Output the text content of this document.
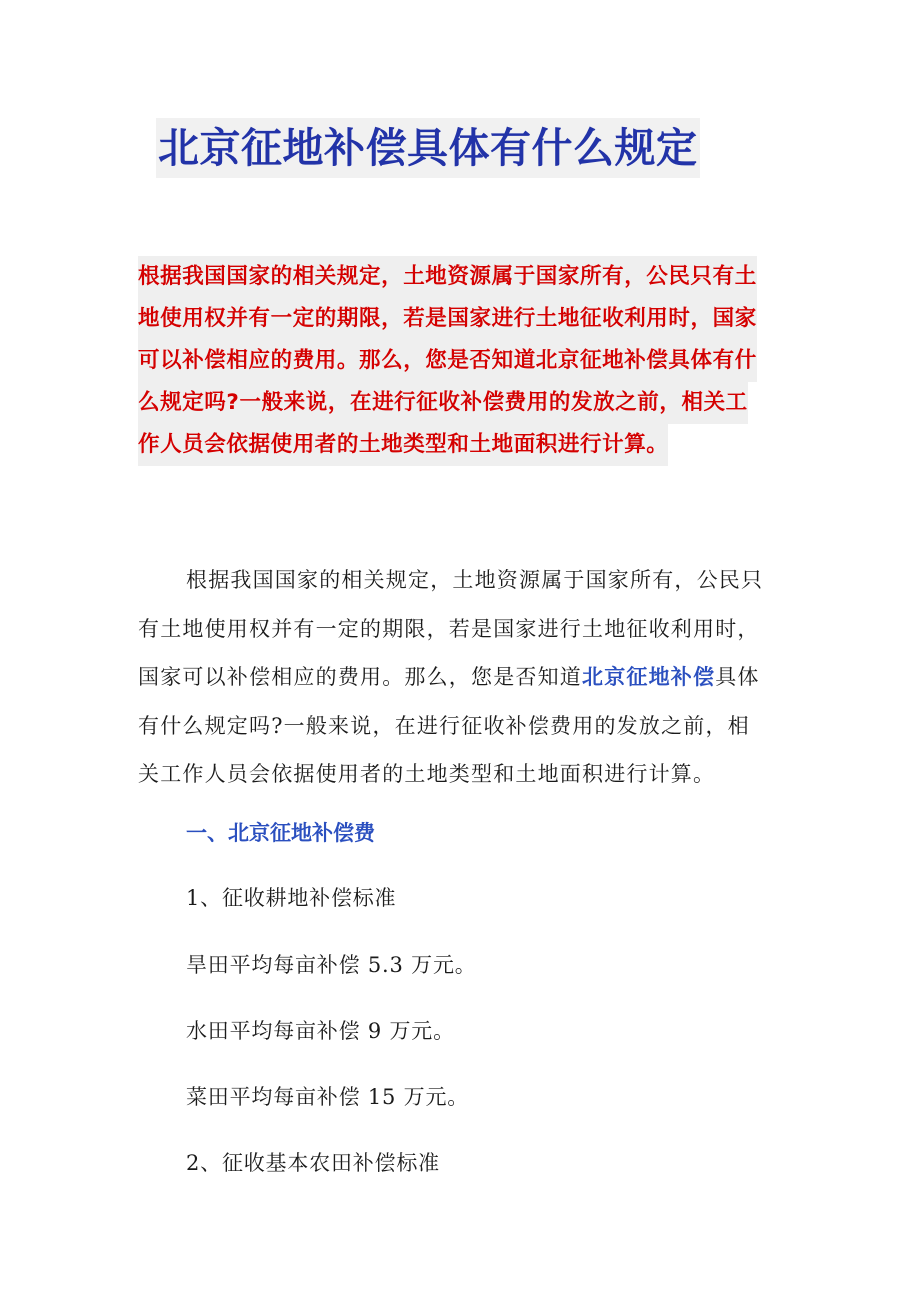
北京征地补偿具体有什么规定

根据我国国家的相关规定，土地资源属于国家所有，公民只有土
地使用权并有一定的期限，若是国家进行土地征收利用时，国家
可以补偿相应的费用。那么，您是否知道北京征地补偿具体有什
么规定吗?一般来说，在进行征收补偿费用的发放之前，相关工
作人员会依据使用者的土地类型和土地面积进行计算。

根据我国国家的相关规定，土地资源属于国家所有，公民只
有土地使用权并有一定的期限，若是国家进行土地征收利用时，
国家可以补偿相应的费用。那么，您是否知道北京征地补偿具体
有什么规定吗?一般来说，在进行征收补偿费用的发放之前，相
关工作人员会依据使用者的土地类型和土地面积进行计算。

一、北京征地补偿费

1、征收耕地补偿标准

旱田平均每亩补偿 5.3 万元。

水田平均每亩补偿 9 万元。

菜田平均每亩补偿 15 万元。

2、征收基本农田补偿标准
